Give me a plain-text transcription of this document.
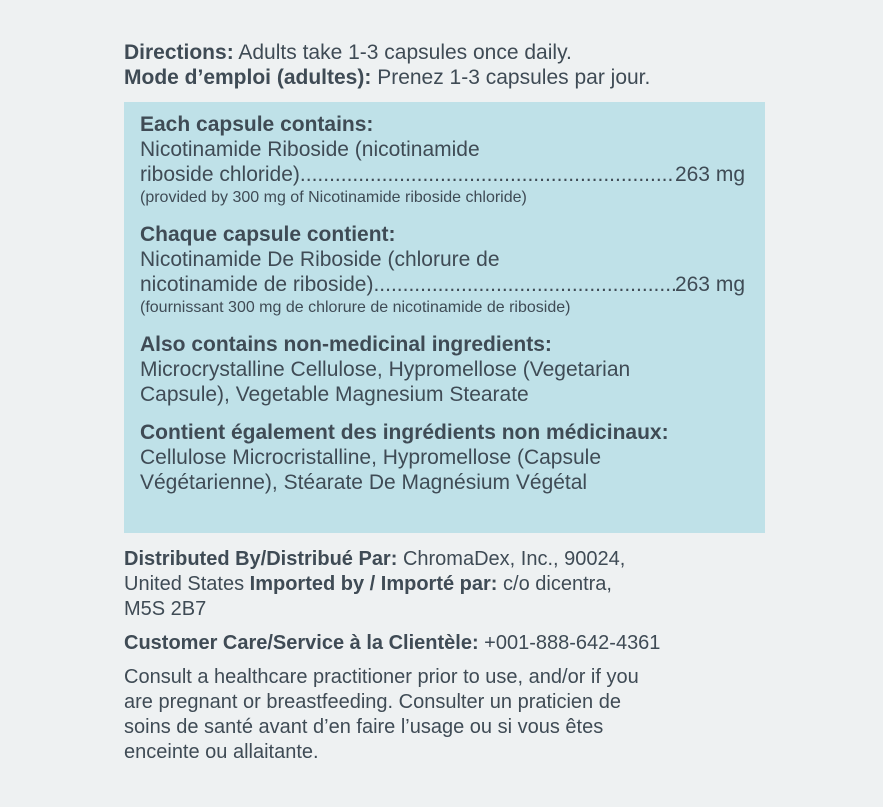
Directions: Adults take 1-3 capsules once daily.
Mode d’emploi (adultes): Prenez 1-3 capsules par jour.
Each capsule contains:
Nicotinamide Riboside (nicotinamide
riboside chloride) .....	263 mg
(provided by 300 mg of Nicotinamide riboside chloride)
Chaque capsule contient:
Nicotinamide De Riboside (chlorure de
nicotinamide de riboside) .....	263 mg
(fournissant 300 mg de chlorure de nicotinamide de riboside)
Also contains non-medicinal ingredients:
Microcrystalline Cellulose, Hypromellose (Vegetarian
Capsule), Vegetable Magnesium Stearate
Contient également des ingrédients non médicinaux:
Cellulose Microcristalline, Hypromellose (Capsule
Végétarienne), Stéarate De Magnésium Végétal
Distributed By/Distribué Par: ChromaDex, Inc., 90024,
United States Imported by / Importé par: c/o dicentra,
M5S 2B7
Customer Care/Service à la Clientèle: +001-888-642-4361
Consult a healthcare practitioner prior to use, and/or if you
are pregnant or breastfeeding. Consulter un praticien de
soins de santé avant d’en faire l’usage ou si vous êtes
enceinte ou allaitante.
